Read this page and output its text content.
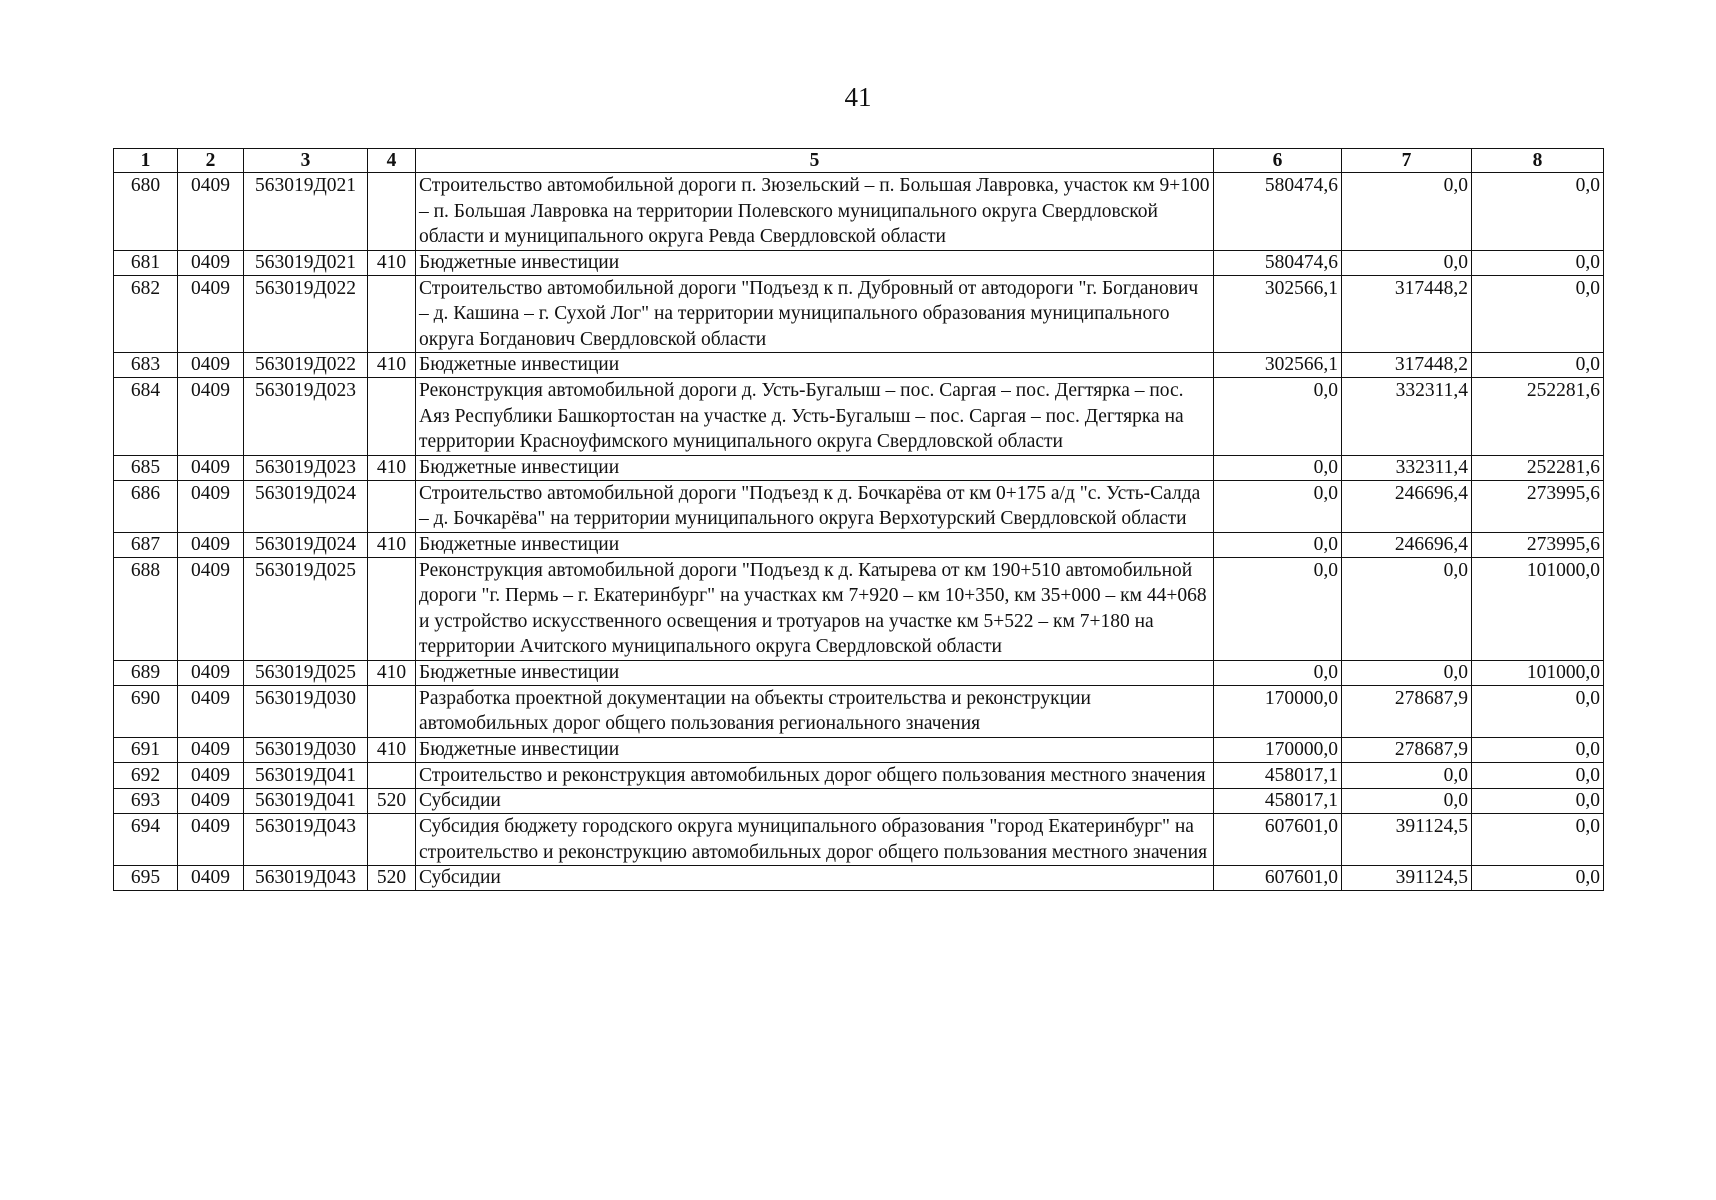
41
1	2	3	4	5	6	7	8
680	0409	563019Д021		Строительство автомобильной дороги п. Зюзельский – п. Большая Лавровка, участок км 9+100 – п. Большая Лавровка на территории Полевского муниципального округа Свердловской области и муниципального округа Ревда Свердловской области	580474,6	0,0	0,0
681	0409	563019Д021	410	Бюджетные инвестиции	580474,6	0,0	0,0
682	0409	563019Д022		Строительство автомобильной дороги "Подъезд к п. Дубровный от автодороги "г. Богданович – д. Кашина – г. Сухой Лог" на территории муниципального образования муниципального округа Богданович Свердловской области	302566,1	317448,2	0,0
683	0409	563019Д022	410	Бюджетные инвестиции	302566,1	317448,2	0,0
684	0409	563019Д023		Реконструкция автомобильной дороги д. Усть-Бугалыш – пос. Саргая – пос. Дегтярка – пос. Аяз Республики Башкортостан на участке д. Усть-Бугалыш – пос. Саргая – пос. Дегтярка на территории Красноуфимского муниципального округа Свердловской области	0,0	332311,4	252281,6
685	0409	563019Д023	410	Бюджетные инвестиции	0,0	332311,4	252281,6
686	0409	563019Д024		Строительство автомобильной дороги "Подъезд к д. Бочкарёва от км 0+175 а/д "с. Усть-Салда – д. Бочкарёва" на территории муниципального округа Верхотурский Свердловской области	0,0	246696,4	273995,6
687	0409	563019Д024	410	Бюджетные инвестиции	0,0	246696,4	273995,6
688	0409	563019Д025		Реконструкция автомобильной дороги "Подъезд к д. Катырева от км 190+510 автомобильной дороги "г. Пермь – г. Екатеринбург" на участках км 7+920 – км 10+350, км 35+000 – км 44+068 и устройство искусственного освещения и тротуаров на участке км 5+522 – км 7+180 на территории Ачитского муниципального округа Свердловской области	0,0	0,0	101000,0
689	0409	563019Д025	410	Бюджетные инвестиции	0,0	0,0	101000,0
690	0409	563019Д030		Разработка проектной документации на объекты строительства и реконструкции автомобильных дорог общего пользования регионального значения	170000,0	278687,9	0,0
691	0409	563019Д030	410	Бюджетные инвестиции	170000,0	278687,9	0,0
692	0409	563019Д041		Строительство и реконструкция автомобильных дорог общего пользования местного значения	458017,1	0,0	0,0
693	0409	563019Д041	520	Субсидии	458017,1	0,0	0,0
694	0409	563019Д043		Субсидия бюджету городского округа муниципального образования "город Екатеринбург" на строительство и реконструкцию автомобильных дорог общего пользования местного значения	607601,0	391124,5	0,0
695	0409	563019Д043	520	Субсидии	607601,0	391124,5	0,0
